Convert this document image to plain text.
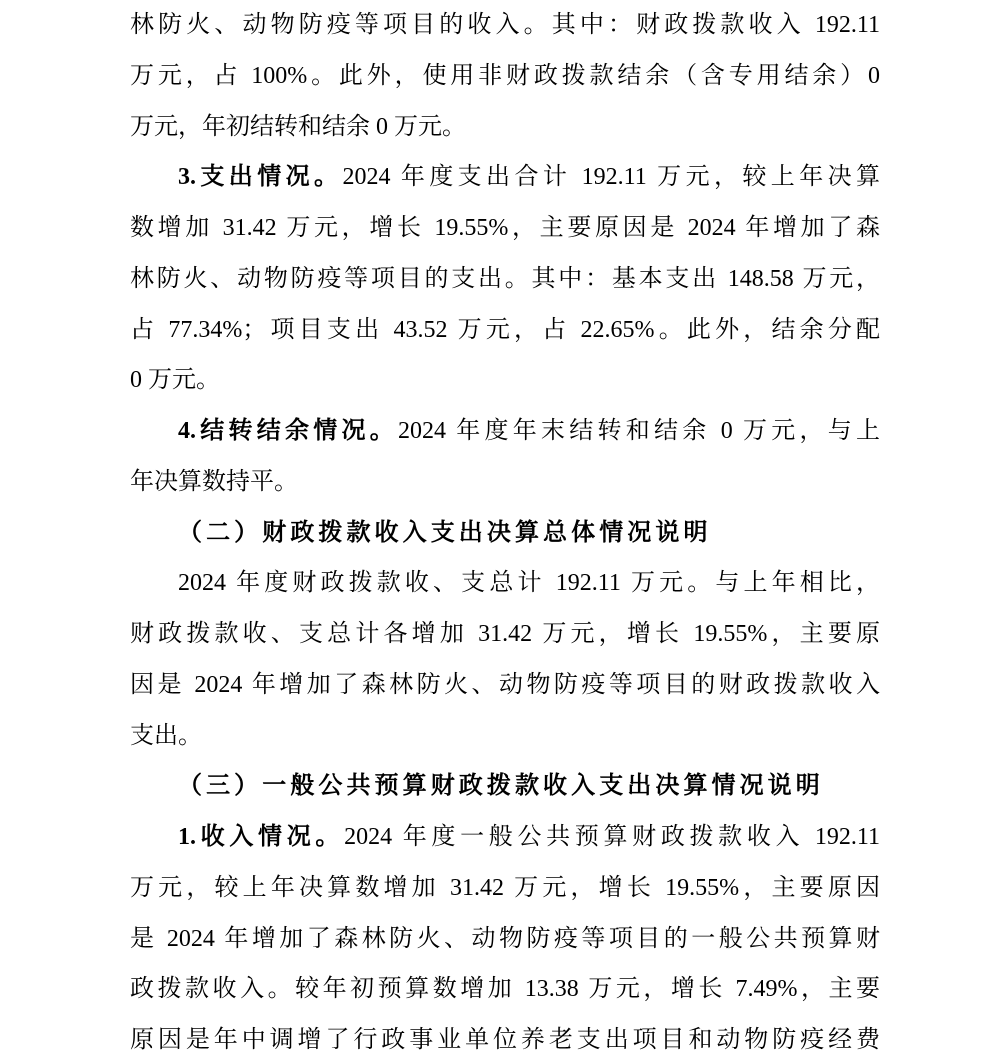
林防火、动物防疫等项目的收入。其中：财政拨款收入 192.11
万元，占 100%。此外，使用非财政拨款结余（含专用结余）0
万元，年初结转和结余 0 万元。
3.支出情况。2024 年度支出合计 192.11 万元，较上年决算
数增加 31.42 万元，增长 19.55%，主要原因是 2024 年增加了森
林防火、动物防疫等项目的支出。其中：基本支出 148.58 万元，
占 77.34%；项目支出 43.52 万元，占 22.65%。此外，结余分配
0 万元。
4.结转结余情况。2024 年度年末结转和结余 0 万元，与上
年决算数持平。
（二）财政拨款收入支出决算总体情况说明
2024 年度财政拨款收、支总计 192.11 万元。与上年相比，
财政拨款收、支总计各增加 31.42 万元，增长 19.55%，主要原
因是 2024 年增加了森林防火、动物防疫等项目的财政拨款收入
支出。
（三）一般公共预算财政拨款收入支出决算情况说明
1.收入情况。2024 年度一般公共预算财政拨款收入 192.11
万元，较上年决算数增加 31.42 万元，增长 19.55%，主要原因
是 2024 年增加了森林防火、动物防疫等项目的一般公共预算财
政拨款收入。较年初预算数增加 13.38 万元，增长 7.49%，主要
原因是年中调增了行政事业单位养老支出项目和动物防疫经费
